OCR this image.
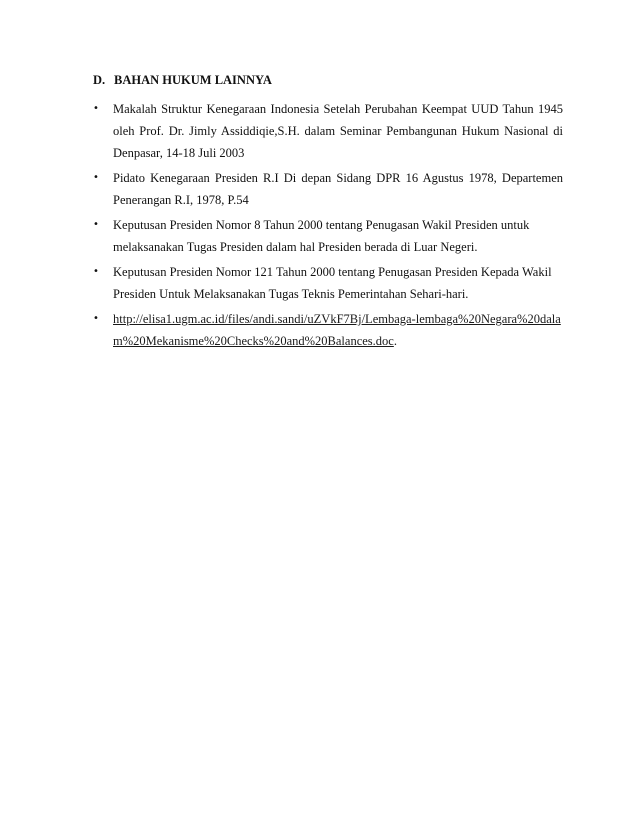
D. BAHAN HUKUM LAINNYA
•	Makalah Struktur Kenegaraan Indonesia Setelah Perubahan Keempat UUD Tahun 1945 oleh Prof. Dr. Jimly Assiddiqie,S.H. dalam Seminar Pembangunan Hukum Nasional di Denpasar, 14-18 Juli 2003
•	Pidato Kenegaraan Presiden R.I Di depan Sidang DPR 16 Agustus 1978, Departemen Penerangan R.I, 1978, P.54
•	Keputusan Presiden Nomor 8 Tahun 2000 tentang Penugasan Wakil Presiden untuk melaksanakan Tugas Presiden dalam hal Presiden berada di Luar Negeri.
•	Keputusan Presiden Nomor 121 Tahun 2000 tentang Penugasan Presiden Kepada Wakil Presiden Untuk Melaksanakan Tugas Teknis Pemerintahan Sehari-hari.
•	http://elisa1.ugm.ac.id/files/andi.sandi/uZVkF7Bj/Lembaga-lembaga%20Negara%20dalam%20Mekanisme%20Checks%20and%20Balances.doc.
